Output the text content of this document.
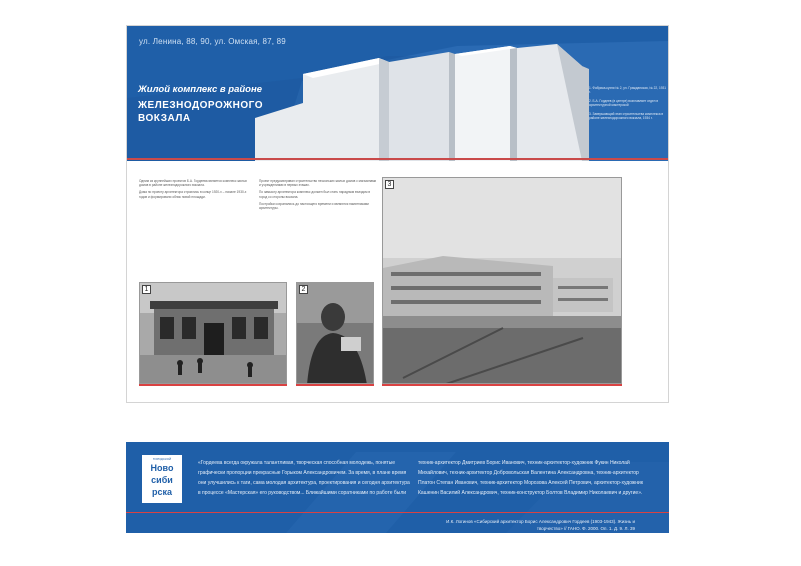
ул. Ленина, 88, 90, ул. Омская, 87, 89
Жилой комплекс в районе
ЖЕЛЕЗНОДОРОЖНОГО
ВОКЗАЛА
1. Фабрика-кухня № 2, ул. Гражданская, № 22, 1931 г.
2. Б.А. Гордеев (в центре) возглавляет отдел в архитектурной мастерской
3. Завершающий этап строительства комплекса в районе железнодорожного вокзала, 1934 г.

Одним из крупнейших проектов Б.А. Гордеева является комплекс жилых домов в районе железнодорожного вокзала.

Дома по проекту архитектора строились в конце 1920-х – начале 1930-х годов и формировали облик новой площади.

Проект предусматривал строительство нескольких жилых домов с магазинами и учреждениями в первых этажах.

По замыслу архитектора комплекс должен был стать парадным въездом в город со стороны вокзала.

Постройки сохранились до настоящего времени и являются памятниками архитектуры.

1	2
3
ГОРОДСКОЙ
Ново
сиби
рска
«Гордеева всегда окружала талантливая, творческая способная молодежь, понятые графически пропорции прекрасные Горыком Александровичем. За время, в плане время они улучшились к таги, сама молодая архитектура, проектирования и сегодня архитектура в процессе «Мастерская» его руководством... Ближайшими соратниками по работе были
техник-архитектор Дмитриев Борис Иванович, техник-архитектор-художник Фукин Николай Михайлович, техник-архитектор Добровольская Валентина Александровна, техник-архитектор Платон Степан Иванович, техник-архитектор Морозова Алексей Петрович, архитектор-художник Кашенин Василий Александрович, техник-конструктор Болтов Владимир Николаевич и другие».
И.К. Логинов «Сибирский архитектор Борис Александрович Гордеев (1903-1943). Жизнь и творчество» // ГАНО. Ф. 2000. Оп. 1. Д. 9. Л. 39
